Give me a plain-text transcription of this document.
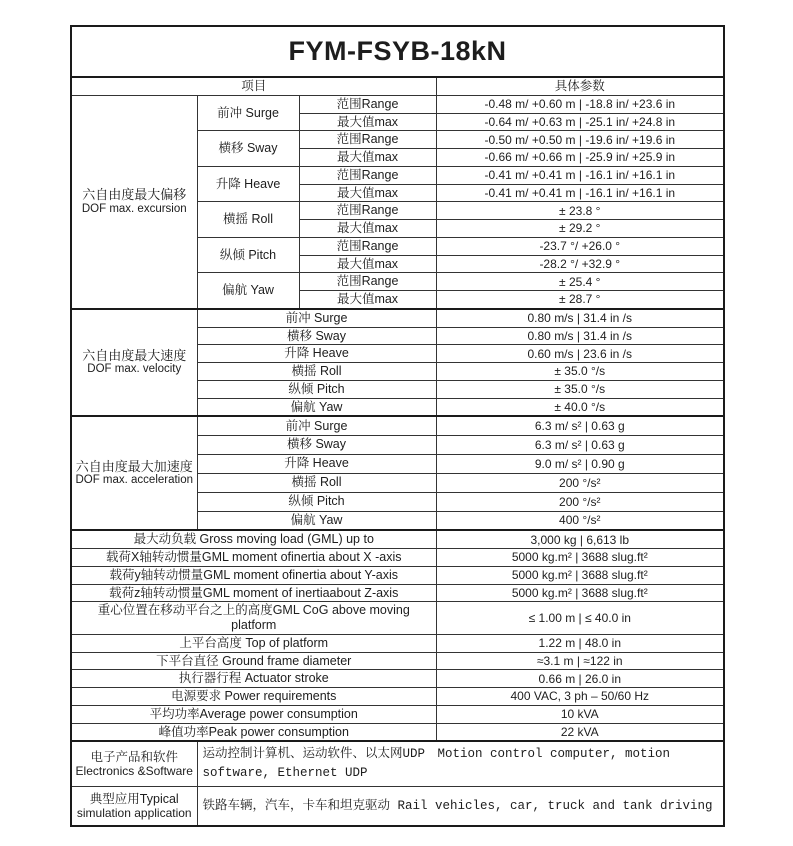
FYM-FSYB-18kN			
项目			具体参数

六自由度最大偏移
DOF max. excursion	前冲 Surge	范围Range	-0.48 m/ +0.60 m | -18.8 in/ +23.6 in
		最大值max	-0.64 m/ +0.63 m | -25.1 in/ +24.8 in
	横移 Sway	范围Range	-0.50 m/ +0.50 m | -19.6 in/ +19.6 in
		最大值max	-0.66 m/ +0.66 m | -25.9 in/ +25.9 in
	升降 Heave	范围Range	-0.41 m/ +0.41 m | -16.1 in/ +16.1 in
		最大值max	-0.41 m/ +0.41 m | -16.1 in/ +16.1 in
	横摇 Roll	范围Range	± 23.8 °
		最大值max	± 29.2 °
	纵倾 Pitch	范围Range	-23.7 °/ +26.0 °
		最大值max	-28.2 °/ +32.9 °
	偏航 Yaw	范围Range	± 25.4 °
		最大值max	± 28.7 °

六自由度最大速度
DOF max. velocity	前冲 Surge		0.80 m/s | 31.4 in /s
	横移 Sway		0.80 m/s | 31.4 in /s
	升降 Heave		0.60 m/s | 23.6 in /s
	横摇 Roll		± 35.0 °/s
	纵倾 Pitch		± 35.0 °/s
	偏航 Yaw		± 40.0 °/s

六自由度最大加速度
DOF max. acceleration	前冲 Surge		6.3 m/ s² | 0.63 g
	横移 Sway		6.3 m/ s² | 0.63 g
	升降 Heave		9.0 m/ s² | 0.90 g
	横摇 Roll		200 °/s²
	纵倾 Pitch		200 °/s²
	偏航 Yaw		400 °/s²
最大动负载 Gross moving load (GML) up to			3,000 kg | 6,613 lb
载荷X轴转动惯量GML moment ofinertia about X -axis			5000 kg.m² | 3688 slug.ft²
载荷y轴转动惯量GML moment ofinertia about Y-axis			5000 kg.m² | 3688 slug.ft²
载荷z轴转动惯量GML moment of inertiaabout Z-axis			5000 kg.m² | 3688 slug.ft²
重心位置在移动平台之上的高度GML CoG above moving platform			≤ 1.00 m | ≤ 40.0 in
上平台高度 Top of platform			1.22 m | 48.0 in
下平台直径 Ground frame diameter			≈3.1 m | ≈122 in
执行器行程 Actuator stroke			0.66 m | 26.0 in
电源要求 Power requirements			400 VAC, 3 ph – 50/60 Hz
平均功率Average power consumption			10 kVA
峰值功率Peak power consumption			22 kVA

电子产品和软件
Electronics &Software	运动控制计算机、运动软件、以太网UDP　Motion control computer, motion software, Ethernet UDP		

典型应用Typical
simulation application	铁路车辆，汽车，卡车和坦克驱动 Rail vehicles, car, truck and tank driving		
